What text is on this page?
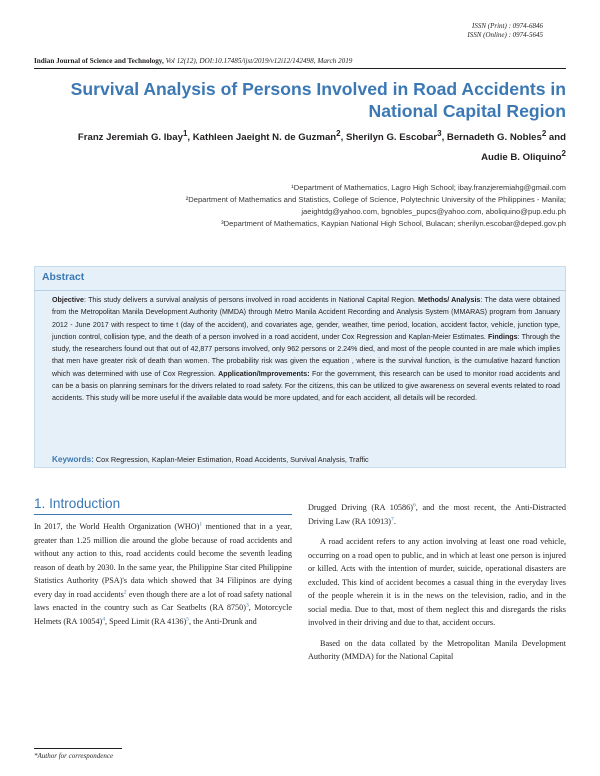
ISSN (Print) : 0974-6846
ISSN (Online) : 0974-5645
Indian Journal of Science and Technology, Vol 12(12), DOI:10.17485/ijst/2019/v12i12/142498, March 2019
Survival Analysis of Persons Involved in Road Accidents in National Capital Region
Franz Jeremiah G. Ibay$^1$, Kathleen Jaeight N. de Guzman$^2$, Sherilyn G. Escobar$^3$, Bernadeth G. Nobles$^2$ and Audie B. Oliquino$^2$

¹Department of Mathematics, Lagro High School; ibay.franzjeremiahg@gmail.com

²Department of Mathematics and Statistics, College of Science, Polytechnic University of the Philippines - Manila;

jaeightdg@yahoo.com, bgnobles_pupcs@yahoo.com, aboliquino@pup.edu.ph

³Department of Mathematics, Kaypian National High School, Bulacan; sherilyn.escobar@deped.gov.ph

Abstract
Objective: This study delivers a survival analysis of persons involved in road accidents in National Capital Region. Methods/ Analysis: The data were obtained from the Metropolitan Manila Development Authority (MMDA) through Metro Manila Accident Recording and Analysis System (MMARAS) program from January 2012 - June 2017 with respect to time t (day of the accident), and covariates age, gender, weather, time period, location, accident factor, vehicle, junction type, junction control, collision type, and the death of a person involved in a road accident, under Cox Regression and Kaplan-Meier Estimates. Findings: Through the study, the researchers found out that out of 42,877 persons involved, only 962 persons or 2.24% died, and most of the people counted in are male which implies that men have greater risk of death than women. The probability risk was given the equation , where is the survival function, is the cumulative hazard function which was determined with use of Cox Regression. Application/Improvements: For the government, this research can be used to monitor road accidents and can be a basis on planning seminars for the drivers related to road safety. For the citizens, this can be utilized to give awareness on several events related to road accidents. This study will be more useful if the available data would be more updated, and for each accident, all details will be recorded.
Keywords: Cox Regression, Kaplan-Meier Estimation, Road Accidents, Survival Analysis, Traffic
1. Introduction

In 2017, the World Health Organization (WHO)$^1$ mentioned that in a year, greater than 1.25 million die around the globe because of road accidents and without any action to this, road accidents could become the seventh leading reason of death by 2030. In the same year, the Philippine Star cited Philippine Statistics Authority (PSA)'s data which showed that 34 Filipinos are dying every day in road accidents$^2$ even though there are a lot of road safety national laws enacted in the country such as Car Seatbelts (RA 8750)$^3$, Motorcycle Helmets (RA 10054)$^4$, Speed Limit (RA 4136)$^5$, the Anti-Drunk and

Drugged Driving (RA 10586)$^6$, and the most recent, the Anti-Distracted Driving Law (RA 10913)$^7$.

A road accident refers to any action involving at least one road vehicle, occurring on a road open to public, and in which at least one person is injured or killed. Acts with the intention of murder, suicide, operational disasters are excluded. This kind of accident becomes a casual thing in the everyday lives of the people wherein it is in the news on the television, radio, and in the social media. Due to that, most of them neglect this and disregards the risks involved in their driving and due to that, accident occurs.

Based on the data collated by the Metropolitan Manila Development Authority (MMDA) for the National Capital

*Author for correspondence
